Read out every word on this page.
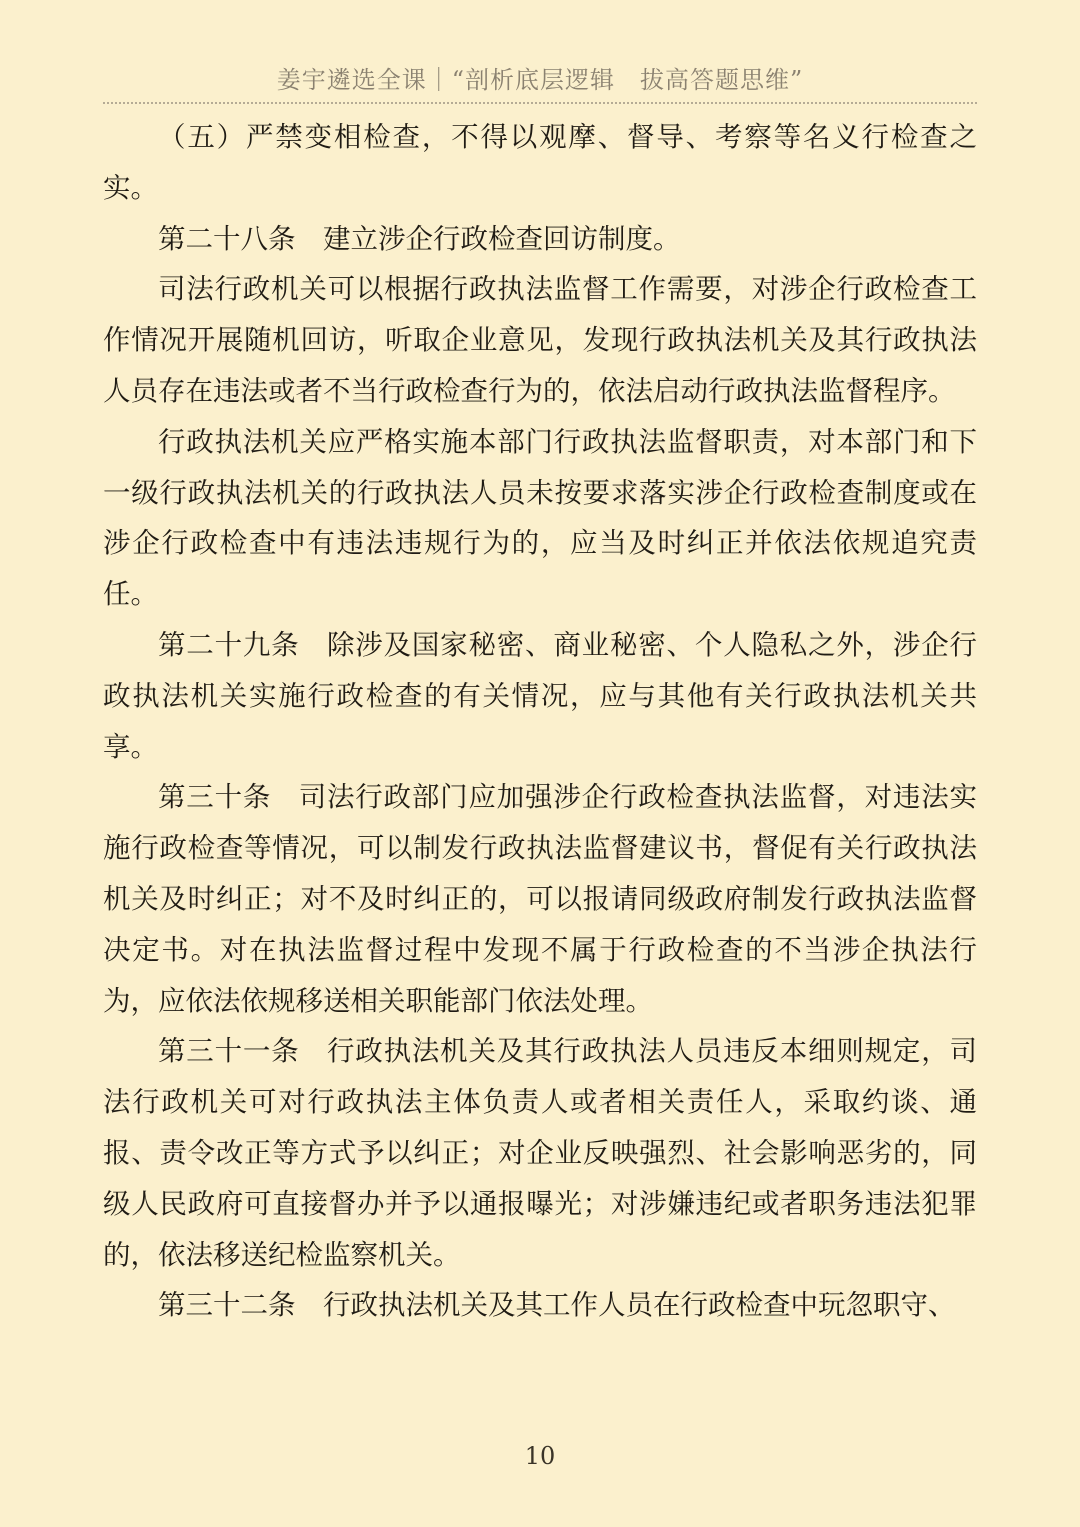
姜宇遴选全课｜“剖析底层逻辑　拔高答题思维”

（五）严禁变相检查，不得以观摩、督导、考察等名义行检查之实。

第二十八条 建立涉企行政检查回访制度。

司法行政机关可以根据行政执法监督工作需要，对涉企行政检查工作情况开展随机回访，听取企业意见，发现行政执法机关及其行政执法人员存在违法或者不当行政检查行为的，依法启动行政执法监督程序。

行政执法机关应严格实施本部门行政执法监督职责，对本部门和下一级行政执法机关的行政执法人员未按要求落实涉企行政检查制度或在涉企行政检查中有违法违规行为的，应当及时纠正并依法依规追究责任。

第二十九条 除涉及国家秘密、商业秘密、个人隐私之外，涉企行政执法机关实施行政检查的有关情况，应与其他有关行政执法机关共享。

第三十条 司法行政部门应加强涉企行政检查执法监督，对违法实施行政检查等情况，可以制发行政执法监督建议书，督促有关行政执法机关及时纠正；对不及时纠正的，可以报请同级政府制发行政执法监督决定书。对在执法监督过程中发现不属于行政检查的不当涉企执法行为，应依法依规移送相关职能部门依法处理。

第三十一条 行政执法机关及其行政执法人员违反本细则规定，司法行政机关可对行政执法主体负责人或者相关责任人，采取约谈、通报、责令改正等方式予以纠正；对企业反映强烈、社会影响恶劣的，同级人民政府可直接督办并予以通报曝光；对涉嫌违纪或者职务违法犯罪的，依法移送纪检监察机关。

第三十二条 行政执法机关及其工作人员在行政检查中玩忽职守、

10
